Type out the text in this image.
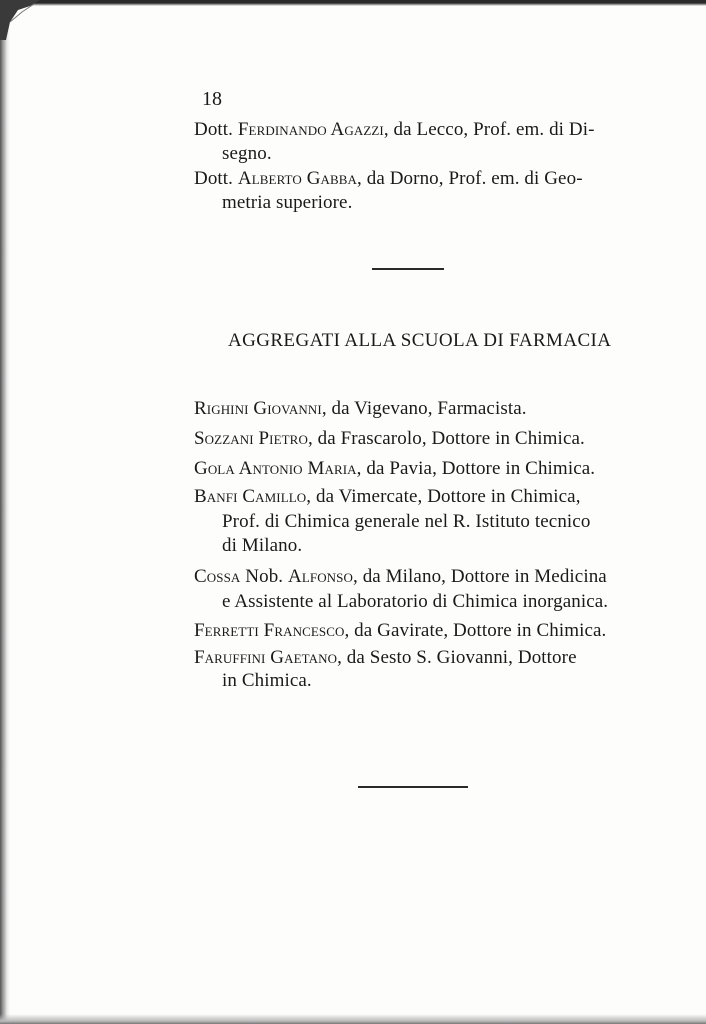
18
Dott. Ferdinando Agazzi, da Lecco, Prof. em. di Di-
segno.
Dott. Alberto Gabba, da Dorno, Prof. em. di Geo-
metria superiore.
AGGREGATI ALLA SCUOLA DI FARMACIA
Righini Giovanni, da Vigevano, Farmacista.
Sozzani Pietro, da Frascarolo, Dottore in Chimica.
Gola Antonio Maria, da Pavia, Dottore in Chimica.
Banfi Camillo, da Vimercate, Dottore in Chimica,
Prof. di Chimica generale nel R. Istituto tecnico
di Milano.
Cossa Nob. Alfonso, da Milano, Dottore in Medicina
e Assistente al Laboratorio di Chimica inorganica.
Ferretti Francesco, da Gavirate, Dottore in Chimica.
Faruffini Gaetano, da Sesto S. Giovanni, Dottore
in Chimica.
